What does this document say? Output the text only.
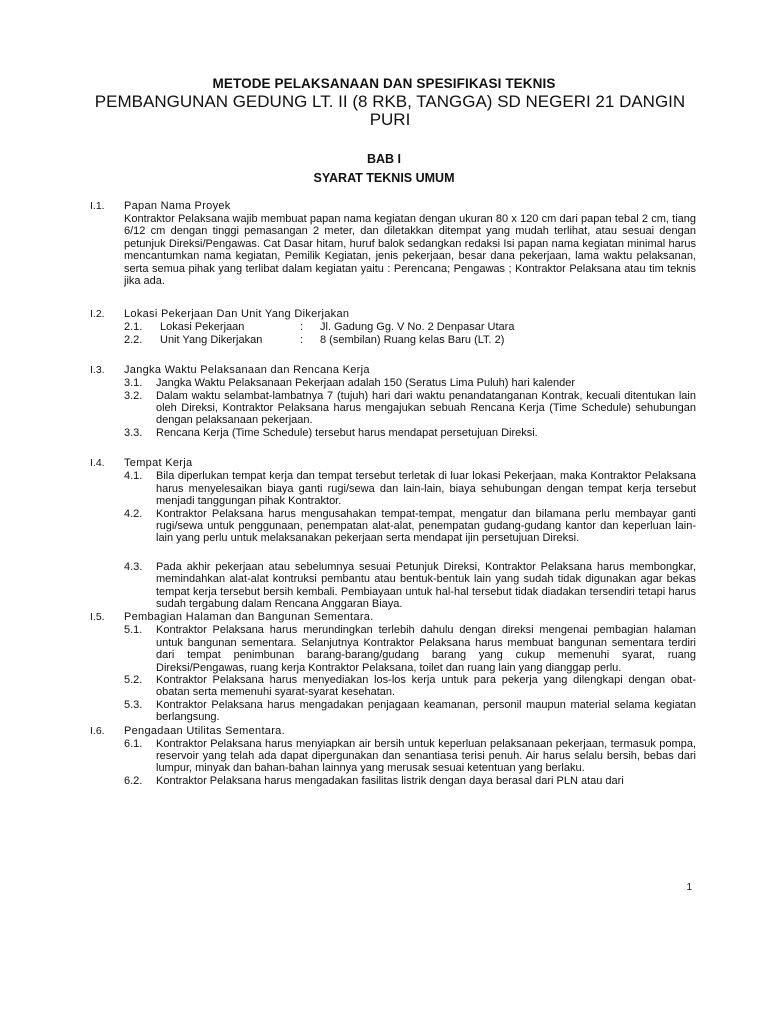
METODE PELAKSANAAN DAN SPESIFIKASI TEKNIS
PEMBANGUNAN GEDUNG LT. II (8 RKB, TANGGA) SD NEGERI 21 DANGIN PURI
BAB I
SYARAT TEKNIS UMUM
I.1.	Papan Nama Proyek
Kontraktor Pelaksana wajib membuat papan nama kegiatan dengan ukuran 80 x 120 cm dari papan tebal 2 cm, tiang 6/12 cm dengan tinggi pemasangan 2 meter, dan diletakkan ditempat yang mudah terlihat, atau sesuai dengan petunjuk Direksi/Pengawas. Cat Dasar hitam, huruf balok sedangkan redaksi Isi papan nama kegiatan minimal harus mencantumkan nama kegiatan, Pemilik Kegiatan, jenis pekerjaan, besar dana pekerjaan, lama waktu pelaksanan, serta semua pihak yang terlibat dalam kegiatan yaitu : Perencana; Pengawas ; Kontraktor Pelaksana atau tim teknis jika ada.
I.2.	Lokasi Pekerjaan Dan Unit Yang Dikerjakan
2.1.	Lokasi Pekerjaan	:	Jl. Gadung Gg. V No. 2 Denpasar Utara
2.2.	Unit Yang Dikerjakan	:	8 (sembilan) Ruang kelas Baru (LT. 2)
I.3.	Jangka Waktu Pelaksanaan dan Rencana Kerja
3.1.	Jangka Waktu Pelaksanaan Pekerjaan adalah 150 (Seratus Lima Puluh) hari kalender
3.2.	Dalam waktu selambat-lambatnya 7 (tujuh) hari dari waktu penandatanganan Kontrak, kecuali ditentukan lain oleh Direksi, Kontraktor Pelaksana harus mengajukan sebuah Rencana Kerja (Time Schedule) sehubungan dengan pelaksanaan pekerjaan.
3.3.	Rencana Kerja (Time Schedule) tersebut harus mendapat persetujuan Direksi.
I.4.	Tempat Kerja
4.1.	Bila diperlukan tempat kerja dan tempat tersebut terletak di luar lokasi Pekerjaan, maka Kontraktor Pelaksana harus menyelesaikan biaya ganti rugi/sewa dan lain-lain, biaya sehubungan dengan tempat kerja tersebut menjadi tanggungan pihak Kontraktor.
4.2.	Kontraktor Pelaksana harus mengusahakan tempat-tempat, mengatur dan bilamana perlu membayar ganti rugi/sewa untuk penggunaan, penempatan alat-alat, penempatan gudang-gudang kantor dan keperluan lain-lain yang perlu untuk melaksanakan pekerjaan serta mendapat ijin persetujuan Direksi.
4.3.	Pada akhir pekerjaan atau sebelumnya sesuai Petunjuk Direksi, Kontraktor Pelaksana harus membongkar, memindahkan alat-alat kontruksi pembantu atau bentuk-bentuk lain yang sudah tidak digunakan agar bekas tempat kerja tersebut bersih kembali. Pembiayaan untuk hal-hal tersebut tidak diadakan tersendiri tetapi harus sudah tergabung dalam Rencana Anggaran Biaya.
I.5.	Pembagian Halaman dan Bangunan Sementara.
5.1.	Kontraktor Pelaksana harus merundingkan terlebih dahulu dengan direksi mengenai pembagian halaman untuk bangunan sementara. Selanjutnya Kontraktor Pelaksana harus membuat bangunan sementara terdiri dari tempat penimbunan barang-barang/gudang barang yang cukup memenuhi syarat, ruang Direksi/Pengawas, ruang kerja Kontraktor Pelaksana, toilet dan ruang lain yang dianggap perlu.
5.2.	Kontraktor Pelaksana harus menyediakan los-los kerja untuk para pekerja yang dilengkapi dengan obat-obatan serta memenuhi syarat-syarat kesehatan.
5.3.	Kontraktor Pelaksana harus mengadakan penjagaan keamanan, personil maupun material selama kegiatan berlangsung.
I.6.	Pengadaan Utilitas Sementara.
6.1.	Kontraktor Pelaksana harus menyiapkan air bersih untuk keperluan pelaksanaan pekerjaan, termasuk pompa, reservoir yang telah ada dapat dipergunakan dan senantiasa terisi penuh. Air harus selalu bersih, bebas dari lumpur, minyak dan bahan-bahan lainnya yang merusak sesuai ketentuan yang berlaku.
6.2.	Kontraktor Pelaksana harus mengadakan fasilitas listrik dengan daya berasal dari PLN atau dari
1
